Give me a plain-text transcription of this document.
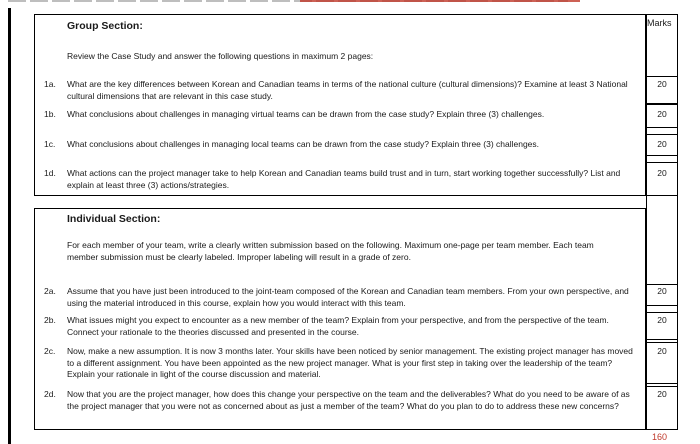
Marks
Group Section:
Review the Case Study and answer the following questions in maximum 2 pages:
1a. What are the key differences between Korean and Canadian teams in terms of the national culture (cultural dimensions)? Examine at least 3 National cultural dimensions that are relevant in this case study.
20
1b. What conclusions about challenges in managing virtual teams can be drawn from the case study? Explain three (3) challenges.	20
1c. What conclusions about challenges in managing local teams can be drawn from the case study? Explain three (3) challenges.	20
1d. What actions can the project manager take to help Korean and Canadian teams build trust and in turn, start working together successfully? List and explain at least three (3) actions/strategies.
20
Individual Section:
For each member of your team, write a clearly written submission based on the following. Maximum one-page per team member. Each team member submission must be clearly labeled. Improper labeling will result in a grade of zero.
2a. Assume that you have just been introduced to the joint-team composed of the Korean and Canadian team members. From your own perspective, and using the material introduced in this course, explain how you would interact with this team.
20
2b. What issues might you expect to encounter as a new member of the team? Explain from your perspective, and from the perspective of the team. Connect your rationale to the theories discussed and presented in the course.
20
2c. Now, make a new assumption. It is now 3 months later. Your skills have been noticed by senior management. The existing project manager has moved to a different assignment. You have been appointed as the new project manager. What is your first step in taking over the leadership of the team? Explain your rationale in light of the course discussion and material.
20
2d. Now that you are the project manager, how does this change your perspective on the team and the deliverables? What do you need to be aware of as the project manager that you were not as concerned about as just a member of the team? What do you plan to do to address these new concerns?
20
160
